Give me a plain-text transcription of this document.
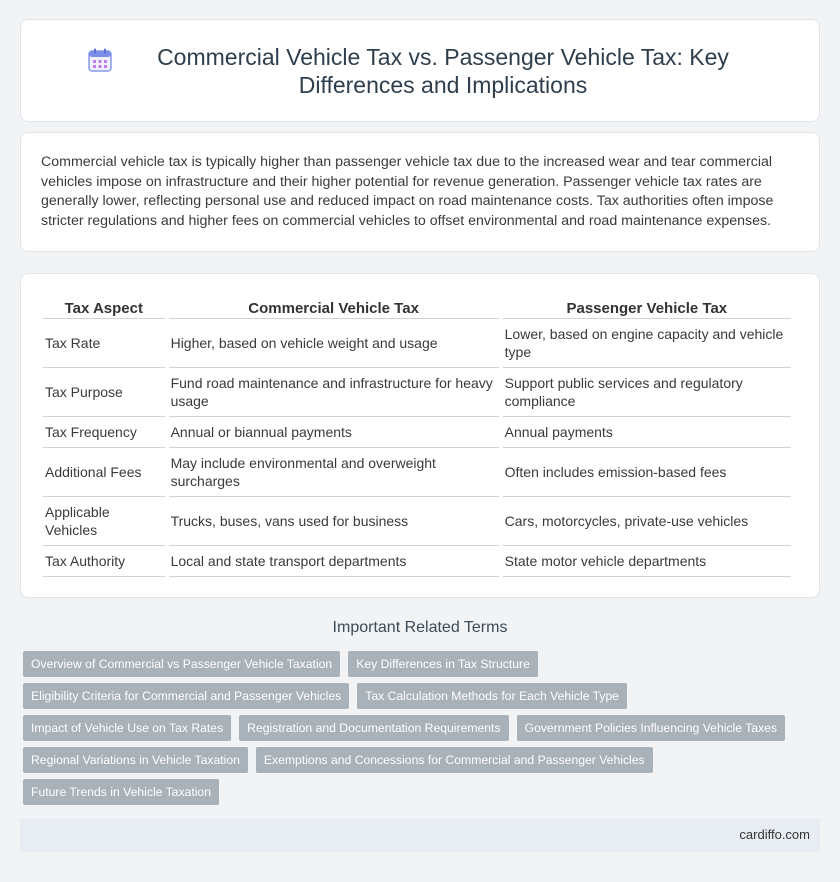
Commercial Vehicle Tax vs. Passenger Vehicle Tax: Key Differences and Implications

Commercial vehicle tax is typically higher than passenger vehicle tax due to the increased wear and tear commercial vehicles impose on infrastructure and their higher potential for revenue generation. Passenger vehicle tax rates are generally lower, reflecting personal use and reduced impact on road maintenance costs. Tax authorities often impose stricter regulations and higher fees on commercial vehicles to offset environmental and road maintenance expenses.

Tax Aspect	Commercial Vehicle Tax	Passenger Vehicle Tax
Tax Rate	Higher, based on vehicle weight and usage	Lower, based on engine capacity and vehicle type
Tax Purpose	Fund road maintenance and infrastructure for heavy usage	Support public services and regulatory compliance
Tax Frequency	Annual or biannual payments	Annual payments
Additional Fees	May include environmental and overweight surcharges	Often includes emission-based fees
Applicable Vehicles	Trucks, buses, vans used for business	Cars, motorcycles, private-use vehicles
Tax Authority	Local and state transport departments	State motor vehicle departments
Important Related Terms
Overview of Commercial vs Passenger Vehicle Taxation	Key Differences in Tax Structure
Eligibility Criteria for Commercial and Passenger Vehicles	Tax Calculation Methods for Each Vehicle Type
Impact of Vehicle Use on Tax Rates	Registration and Documentation Requirements	Government Policies Influencing Vehicle Taxes
Regional Variations in Vehicle Taxation	Exemptions and Concessions for Commercial and Passenger Vehicles
Future Trends in Vehicle Taxation
cardiffo.com
